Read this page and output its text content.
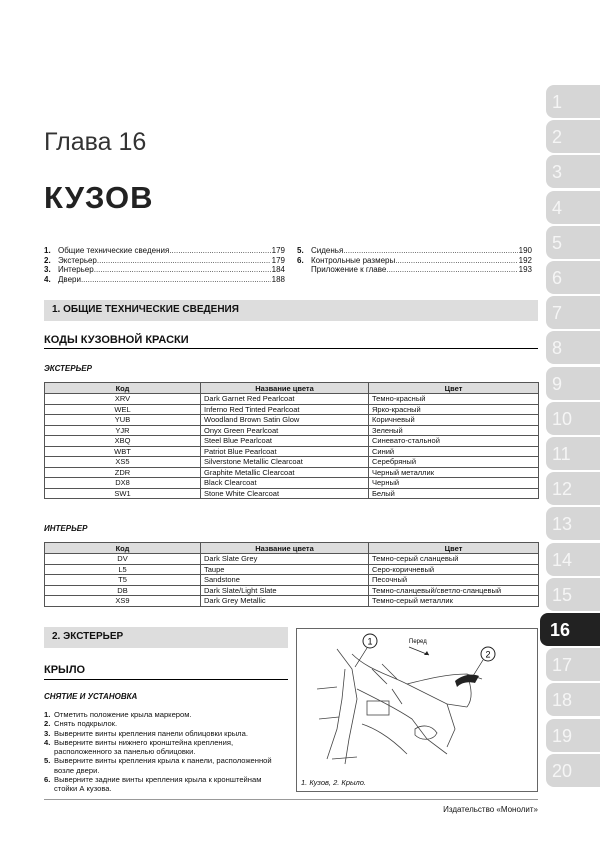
Глава 16
КУЗОВ
1. Общие технические сведения .....	179
2. Экстерьер .....	179
3. Интерьер .....	184
4. Двери .....	188
5. Сиденья .....	190
6. Контрольные размеры .....	192
Приложение к главе .....	193
1. ОБЩИЕ ТЕХНИЧЕСКИЕ СВЕДЕНИЯ
КОДЫ КУЗОВНОЙ КРАСКИ
ЭКСТЕРЬЕР
Код	Название цвета	Цвет
XRV	Dark Garnet Red Pearlcoat	Темно-красный
WEL	Inferno Red Tinted Pearlcoat	Ярко-красный
YUB	Woodland Brown Satin Glow	Коричневый
YJR	Onyx Green Pearlcoat	Зеленый
XBQ	Steel Blue Pearlcoat	Синевато-стальной
WBT	Patriot Blue Pearlcoat	Синий
XS5	Silverstone Metallic Clearcoat	Серебряный
ZDR	Graphite Metallic Clearcoat	Черный металлик
DX8	Black Clearcoat	Черный
SW1	Stone White Clearcoat	Белый
ИНТЕРЬЕР
Код	Название цвета	Цвет
DV	Dark Slate Grey	Темно-серый сланцевый
L5	Taupe	Серо-коричневый
T5	Sandstone	Песочный
DB	Dark Slate/Light Slate	Темно-сланцевый/светло-сланцевый
XS9	Dark Grey Metallic	Темно-серый металлик
2. ЭКСТЕРЬЕР
КРЫЛО
СНЯТИЕ И УСТАНОВКА
1. Отметить положение крыла маркером.
2. Снять подкрылок.
3. Выверните винты крепления панели облицовки крыла.
4. Выверните винты нижнего кронштейна крепления, расположенного за панелью облицовки.
5. Выверните винты крепления крыла к панели, расположенной возле двери.
6. Выверните задние винты крепления крыла к кронштейнам стойки А кузова.
1
2
Перед
1. Кузов, 2. Крыло.
1
2
3
4
5
6
7
8
9
10
11
12
13
14
15
16
17
18
19
20
Издательство «Монолит»
